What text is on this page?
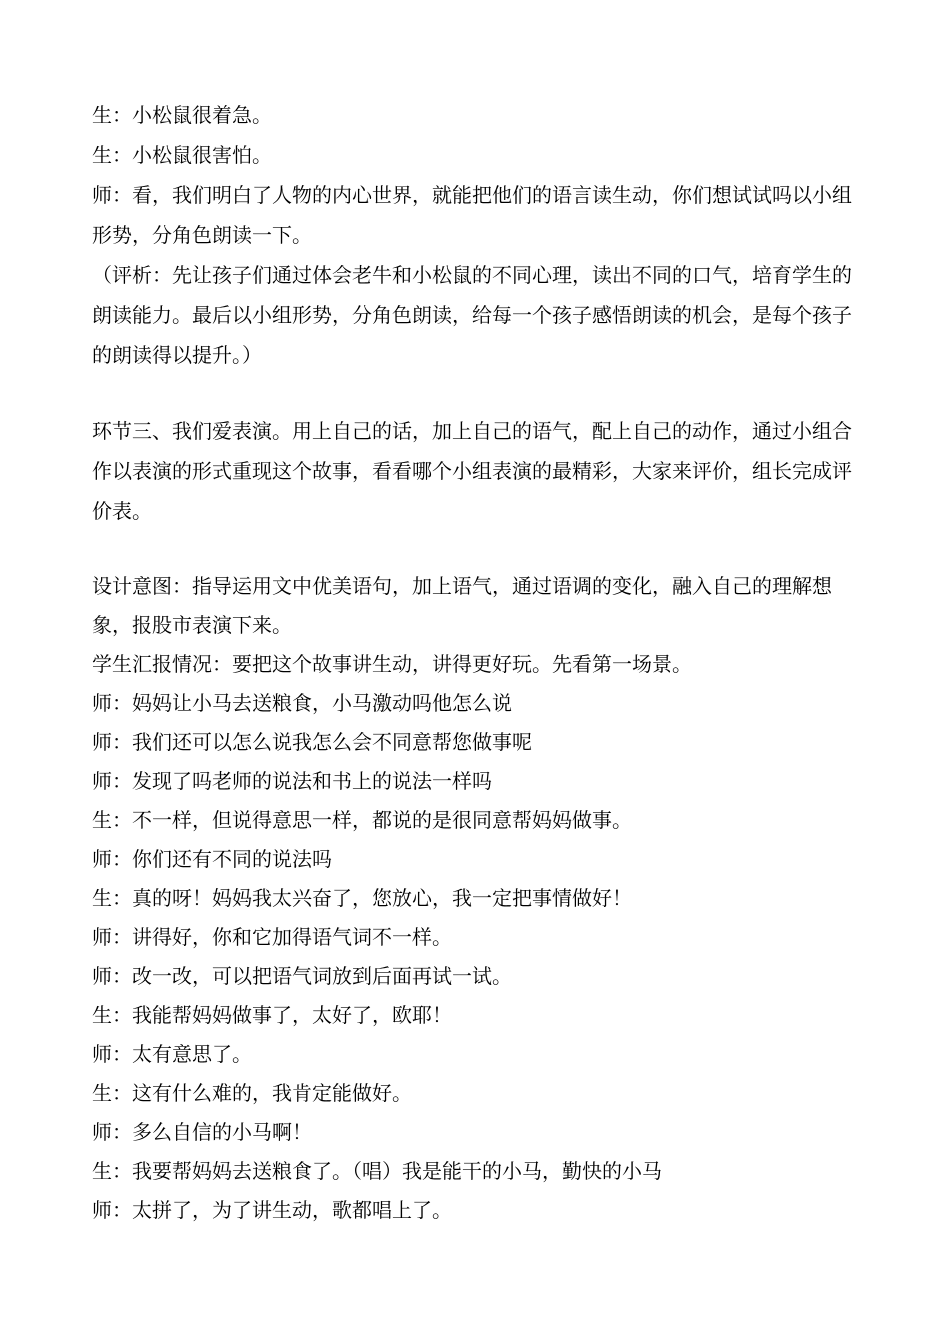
生：小松鼠很着急。

生：小松鼠很害怕。

师：看，我们明白了人物的内心世界，就能把他们的语言读生动，你们想试试吗以小组形势，分角色朗读一下。

（评析：先让孩子们通过体会老牛和小松鼠的不同心理，读出不同的口气，培育学生的朗读能力。最后以小组形势，分角色朗读，给每一个孩子感悟朗读的机会，是每个孩子的朗读得以提升。）

环节三、我们爱表演。用上自己的话，加上自己的语气，配上自己的动作，通过小组合作以表演的形式重现这个故事，看看哪个小组表演的最精彩，大家来评价，组长完成评价表。

设计意图：指导运用文中优美语句，加上语气，通过语调的变化，融入自己的理解想象，报股市表演下来。

学生汇报情况：要把这个故事讲生动，讲得更好玩。先看第一场景。

师：妈妈让小马去送粮食，小马激动吗他怎么说

师：我们还可以怎么说我怎么会不同意帮您做事呢

师：发现了吗老师的说法和书上的说法一样吗

生：不一样，但说得意思一样，都说的是很同意帮妈妈做事。

师：你们还有不同的说法吗

生：真的呀！妈妈我太兴奋了，您放心，我一定把事情做好！

师：讲得好，你和它加得语气词不一样。

师：改一改，可以把语气词放到后面再试一试。

生：我能帮妈妈做事了，太好了，欧耶！

师：太有意思了。

生：这有什么难的，我肯定能做好。

师：多么自信的小马啊！

生：我要帮妈妈去送粮食了。（唱）我是能干的小马，勤快的小马

师：太拼了，为了讲生动，歌都唱上了。
